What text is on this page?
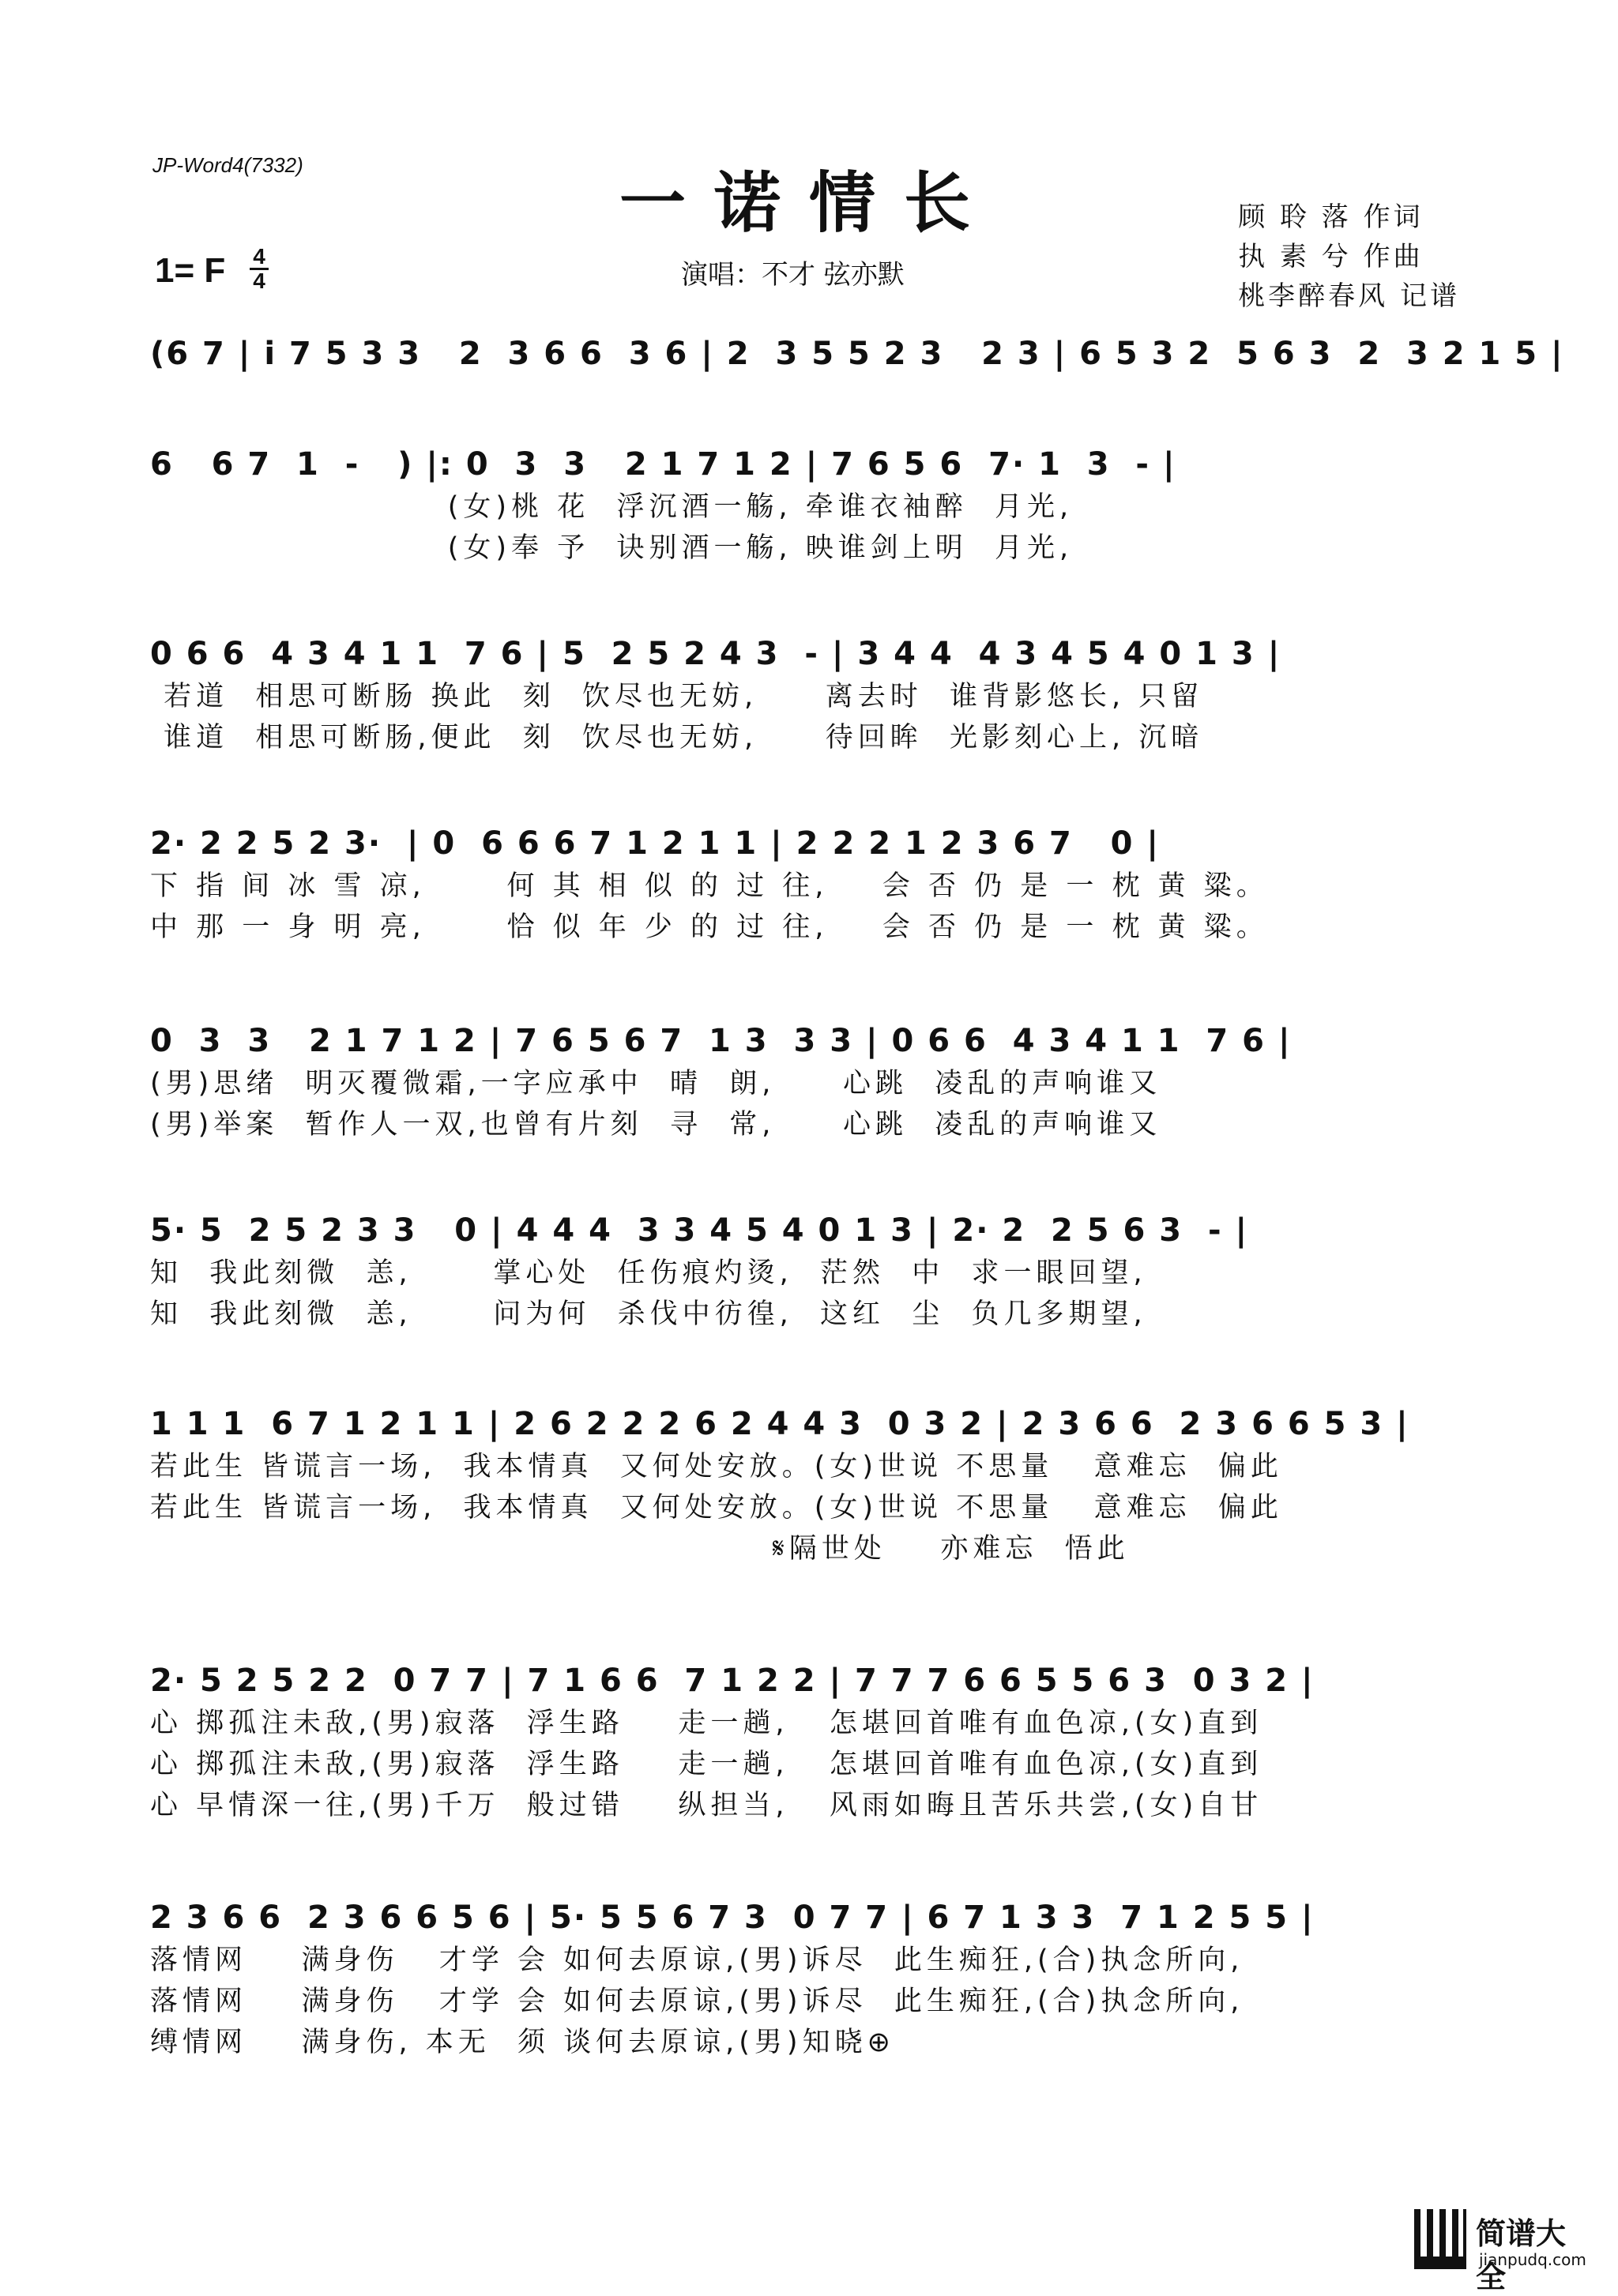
JP-Word4(7332)	一诺情长
演唱：不才 弦亦默
顾 聆 落 作词
执 素 兮 作曲
桃李醉春风 记谱
1= F 4
4
(6 7 | i 7 5 3 3   2  3 6 6  3 6 | 2  3 5 5 2 3   2 3 | 6 5 3 2  5 6 3  2  3 2 1 5 |
6   6 7  1  -   ) |: 0  3  3   2 1 7 1 2 | 7 6 5 6  7· 1  3  - |
(女)桃 花  浮沉酒一觞, 牵谁衣袖醉  月光,
(女)奉 予  诀别酒一觞, 映谁剑上明  月光,
0 6 6  4 3 4 1 1  7 6 | 5  2 5 2 4 3  - | 3 4 4  4 3 4 5 4 0 1 3 |
若道  相思可断肠 换此  刻  饮尽也无妨,     离去时  谁背影悠长, 只留
谁道  相思可断肠,便此  刻  饮尽也无妨,     待回眸  光影刻心上, 沉暗
2· 2 2 5 2 3·  | 0  6 6 6 7 1 2 1 1 | 2 2 2 1 2 3 6 7   0 |
下 指 间 冰 雪 凉,      何 其 相 似 的 过 往,    会 否 仍 是 一 枕 黄 粱。
中 那 一 身 明 亮,      恰 似 年 少 的 过 往,    会 否 仍 是 一 枕 黄 粱。
0  3  3   2 1 7 1 2 | 7 6 5 6 7  1 3  3 3 | 0 6 6  4 3 4 1 1  7 6 |
(男)思绪  明灭覆微霜,一字应承中  晴  朗,     心跳  凌乱的声响谁又
(男)举案  暂作人一双,也曾有片刻  寻  常,     心跳  凌乱的声响谁又
5· 5  2 5 2 3 3   0 | 4 4 4  3 3 4 5 4 0 1 3 | 2· 2  2 5 6 3  - |
知  我此刻微  恙,      掌心处  任伤痕灼烫,  茫然  中  求一眼回望,
知  我此刻微  恙,      问为何  杀伐中彷徨,  这红  尘  负几多期望,
1 1 1  6 7 1 2 1 1 | 2 6 2 2 2 6 2 4 4 3  0 3 2 | 2 3 6 6  2 3 6 6 5 3 |
若此生 皆谎言一场,  我本情真  又何处安放。(女)世说 不思量   意难忘  偏此
若此生 皆谎言一场,  我本情真  又何处安放。(女)世说 不思量   意难忘  偏此
𝄋隔世处    亦难忘  悟此
2· 5 2 5 2 2  0 7 7 | 7 1 6 6  7 1 2 2 | 7 7 7 6 6 5 5 6 3  0 3 2 |
心 掷孤注未敌,(男)寂落  浮生路    走一趟,   怎堪回首唯有血色凉,(女)直到
心 掷孤注未敌,(男)寂落  浮生路    走一趟,   怎堪回首唯有血色凉,(女)直到
心 早情深一往,(男)千万  般过错    纵担当,   风雨如晦且苦乐共尝,(女)自甘
2 3 6 6  2 3 6 6 5 6 | 5· 5 5 6 7 3  0 7 7 | 6 7 1 3 3  7 1 2 5 5 |
落情网    满身伤   才学 会 如何去原谅,(男)诉尽  此生痴狂,(合)执念所向,
落情网    满身伤   才学 会 如何去原谅,(男)诉尽  此生痴狂,(合)执念所向,
缚情网    满身伤, 本无  须 谈何去原谅,(男)知晓⊕
简谱大全
jianpudq.com
